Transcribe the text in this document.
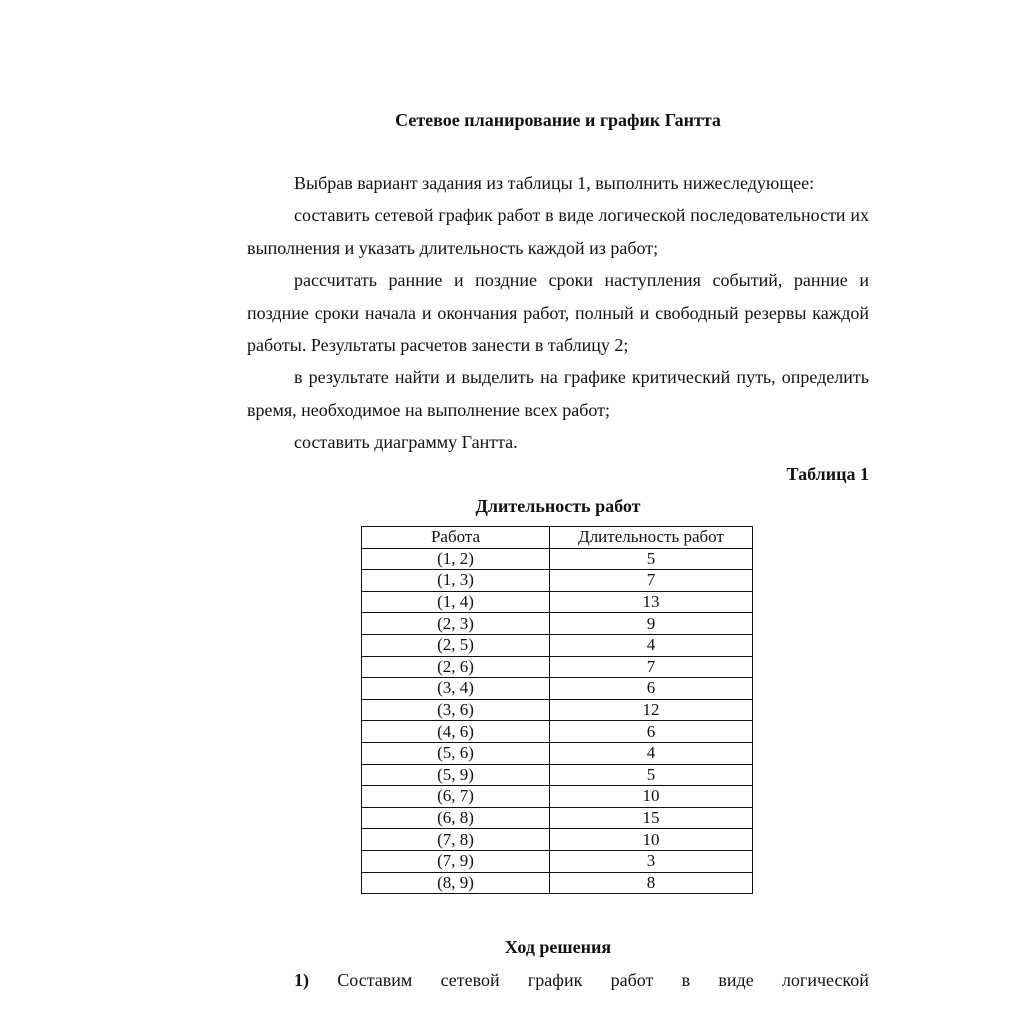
Сетевое планирование и график Гантта

Выбрав вариант задания из таблицы 1, выполнить нижеследующее:

составить сетевой график работ в виде логической последовательности их выполнения и указать длительность каждой из работ;

рассчитать ранние и поздние сроки наступления событий, ранние и поздние сроки начала и окончания работ, полный и свободный резервы каждой работы. Результаты расчетов занести в таблицу 2;

в результате найти и выделить на графике критический путь, определить время, необходимое на выполнение всех работ;

составить диаграмму Гантта.

Таблица 1
Длительность работ
Работа	Длительность работ
(1, 2)	5
(1, 3)	7
(1, 4)	13
(2, 3)	9
(2, 5)	4
(2, 6)	7
(3, 4)	6
(3, 6)	12
(4, 6)	6
(5, 6)	4
(5, 9)	5
(6, 7)	10
(6, 8)	15
(7, 8)	10
(7, 9)	3
(8, 9)	8
Ход решения
1) Составим сетевой график работ в виде логической
